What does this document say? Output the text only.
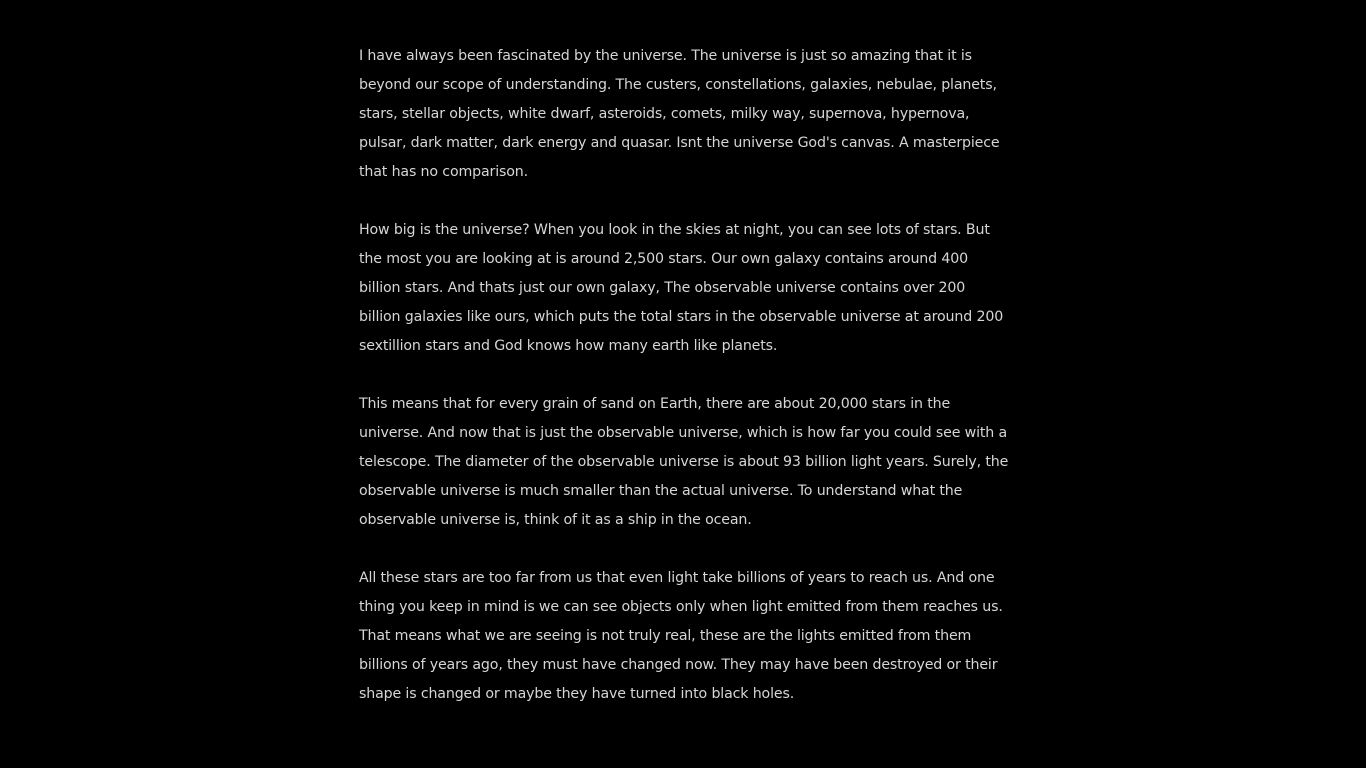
I have always been fascinated by the universe. The universe is just so amazing that it is
beyond our scope of understanding. The custers, constellations, galaxies, nebulae, planets,
stars, stellar objects, white dwarf, asteroids, comets, milky way, supernova, hypernova,
pulsar, dark matter, dark energy and quasar. Isnt the universe God's canvas. A masterpiece
that has no comparison.

How big is the universe? When you look in the skies at night, you can see lots of stars. But
the most you are looking at is around 2,500 stars. Our own galaxy contains around 400
billion stars. And thats just our own galaxy, The observable universe contains over 200
billion galaxies like ours, which puts the total stars in the observable universe at around 200
sextillion stars and God knows how many earth like planets.

This means that for every grain of sand on Earth, there are about 20,000 stars in the
universe. And now that is just the observable universe, which is how far you could see with a
telescope. The diameter of the observable universe is about 93 billion light years. Surely, the
observable universe is much smaller than the actual universe. To understand what the
observable universe is, think of it as a ship in the ocean.

All these stars are too far from us that even light take billions of years to reach us. And one
thing you keep in mind is we can see objects only when light emitted from them reaches us.
That means what we are seeing is not truly real, these are the lights emitted from them
billions of years ago, they must have changed now. They may have been destroyed or their
shape is changed or maybe they have turned into black holes.
